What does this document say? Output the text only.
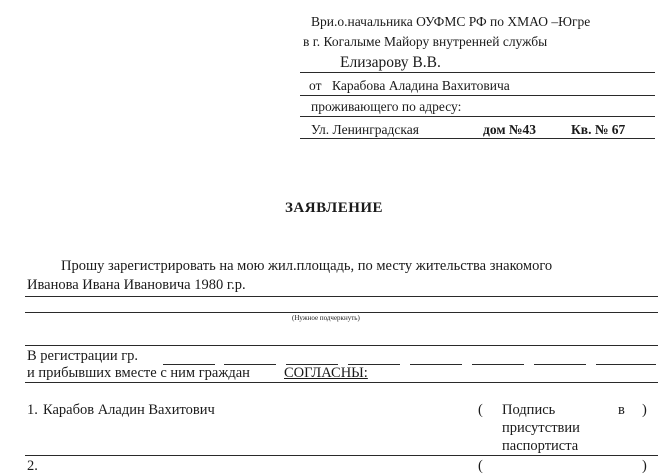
Ври.о.начальника ОУФМС РФ по ХМАО –Югре
в г. Когалыме Майору внутренней службы
Елизарову В.В.
от Карабова Аладина Вахитовича
проживающего по адресу:
Ул. Ленинградская	дом №43	Кв. № 67
ЗАЯВЛЕНИЕ
Прошу зарегистрировать на мою жил.площадь, по месту жительства знакомого
Иванова Ивана Ивановича 1980 г.р.
(Нужное подчеркнуть)
В регистрации гр.
и прибывших вместе с ним граждан СОГЛАСНЫ:
1. Карабов Аладин Вахитович	( Подпись	в )
присутствии
паспортиста
2.	(	)
